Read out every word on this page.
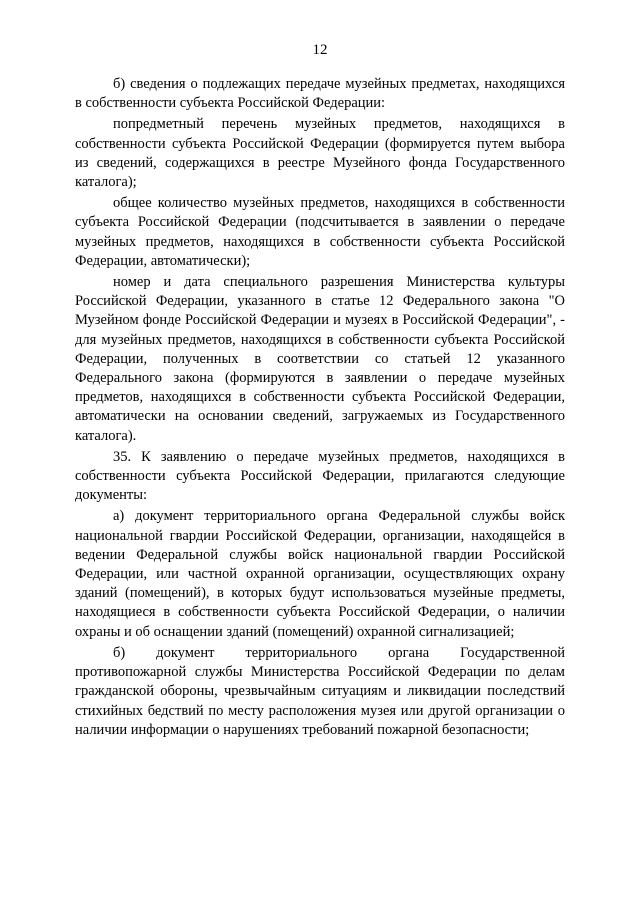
12

б) сведения о подлежащих передаче музейных предметах, находящихся в собственности субъекта Российской Федерации:

попредметный перечень музейных предметов, находящихся в собственности субъекта Российской Федерации (формируется путем выбора из сведений, содержащихся в реестре Музейного фонда Государственного каталога);

общее количество музейных предметов, находящихся в собственности субъекта Российской Федерации (подсчитывается в заявлении о передаче музейных предметов, находящихся в собственности субъекта Российской Федерации, автоматически);

номер и дата специального разрешения Министерства культуры Российской Федерации, указанного в статье 12 Федерального закона "О Музейном фонде Российской Федерации и музеях в Российской Федерации", - для музейных предметов, находящихся в собственности субъекта Российской Федерации, полученных в соответствии со статьей 12 указанного Федерального закона (формируются в заявлении о передаче музейных предметов, находящихся в собственности субъекта Российской Федерации, автоматически на основании сведений, загружаемых из Государственного каталога).

35. К заявлению о передаче музейных предметов, находящихся в собственности субъекта Российской Федерации, прилагаются следующие документы:

а) документ территориального органа Федеральной службы войск национальной гвардии Российской Федерации, организации, находящейся в ведении Федеральной службы войск национальной гвардии Российской Федерации, или частной охранной организации, осуществляющих охрану зданий (помещений), в которых будут использоваться музейные предметы, находящиеся в собственности субъекта Российской Федерации, о наличии охраны и об оснащении зданий (помещений) охранной сигнализацией;

б) документ территориального органа Государственной противопожарной службы Министерства Российской Федерации по делам гражданской обороны, чрезвычайным ситуациям и ликвидации последствий стихийных бедствий по месту расположения музея или другой организации о наличии информации о нарушениях требований пожарной безопасности;
